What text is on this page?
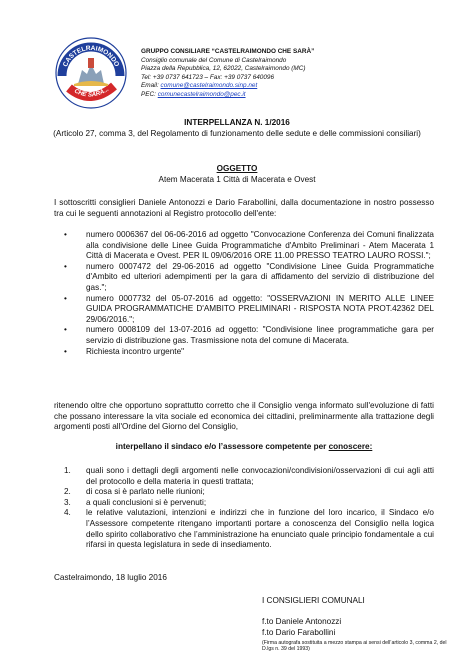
CASTELRAIMONDO
CHE SARÀ...
GRUPPO CONSILIARE “CASTELRAIMONDO CHE SARÀ”
Consiglio comunale del Comune di Castelraimondo
Piazza della Repubblica, 12, 62022, Castelraimondo (MC)
Tel: +39 0737 641723 – Fax: +39 0737 640096
Email: comune@castelraimondo.sinp.net
PEC: comunecastelraimondo@pec.it
INTERPELLANZA N. 1/2016
(Articolo 27, comma 3, del Regolamento di funzionamento delle sedute e delle commissioni consiliari)
OGGETTO
Atem Macerata 1 Città di Macerata e Ovest

I sottoscritti consiglieri Daniele Antonozzi e Dario Farabollini, dalla documentazione in nostro possesso tra cui le seguenti annotazioni al Registro protocollo dell'ente:

• numero 0006367 del 06-06-2016 ad oggetto "Convocazione Conferenza dei Comuni finalizzata alla condivisione delle Linee Guida Programmatiche d'Ambito Preliminari - Atem Macerata 1 Città di Macerata e Ovest. PER IL 09/06/2016 ORE 11.00 PRESSO TEATRO LAURO ROSSI.";
• numero 0007472 del 29-06-2016 ad oggetto "Condivisione Linee Guida Programmatiche d'Ambito ed ulteriori adempimenti per la gara di affidamento del servizio di distribuzione del gas.";
• numero 0007732 del 05-07-2016 ad oggetto: "OSSERVAZIONI IN MERITO ALLE LINEE GUIDA PROGRAMMATICHE D'AMBITO PRELIMINARI - RISPOSTA NOTA PROT.42362 DEL 29/06/2016.";
• numero 0008109 del 13-07-2016 ad oggetto: "Condivisione linee programmatiche gara per servizio di distribuzione gas. Trasmissione nota del comune di Macerata.
• Richiesta incontro urgente"

ritenendo oltre che opportuno soprattutto corretto che il Consiglio venga informato sull'evoluzione di fatti che possano interessare la vita sociale ed economica dei cittadini, preliminarmente alla trattazione degli argomenti posti all'Ordine del Giorno del Consiglio,

interpellano il sindaco e/o l’assessore competente per conoscere:
1. quali sono i dettagli degli argomenti nelle convocazioni/condivisioni/osservazioni di cui agli atti del protocollo e della materia in questi trattata;
2. di cosa si è parlato nelle riunioni;
3. a quali conclusioni si è pervenuti;
4. le relative valutazioni, intenzioni e indirizzi che in funzione del loro incarico, il Sindaco e/o l’Assessore competente ritengano importanti portare a conoscenza del Consiglio nella logica dello spirito collaborativo che l’amministrazione ha enunciato quale principio fondamentale a cui rifarsi in questa legislatura in sede di insediamento.
Castelraimondo, 18 luglio 2016
I CONSIGLIERI COMUNALI
f.to Daniele Antonozzi
f.to Dario Farabollini
(Firma autografa sostituita a mezzo stampa ai sensi dell’articolo 3, comma 2, del D.lgs n. 39 del 1993)
